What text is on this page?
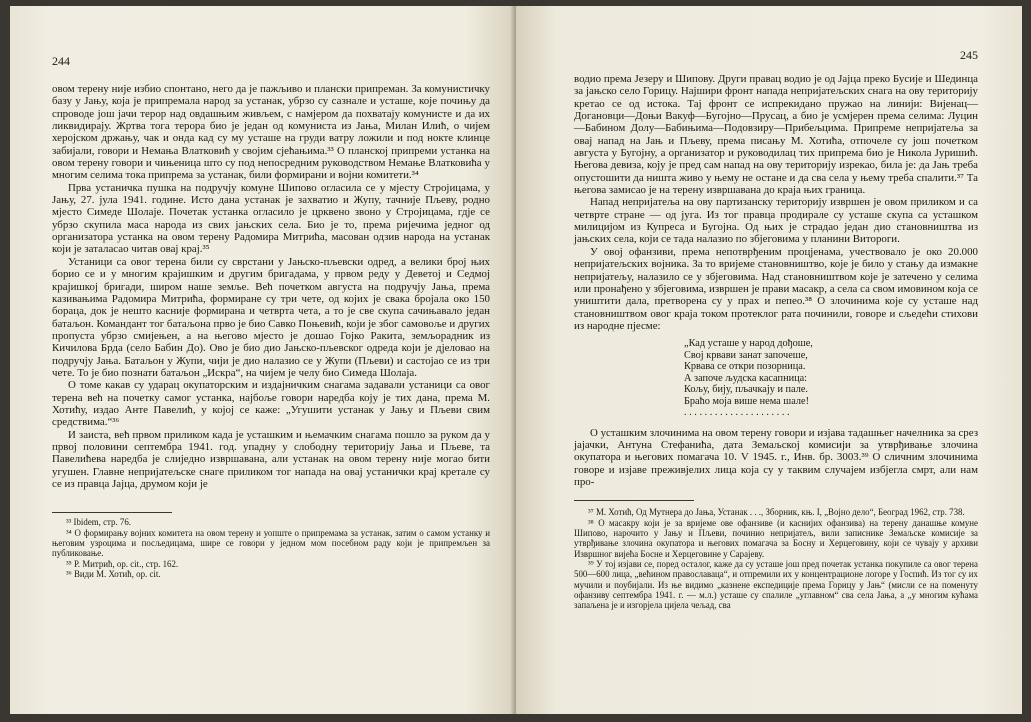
244

овом терену није избио спонтано, него да је пажљиво и плански припреман. За комунистичку базу у Јању, која је припремала народ за устанак, убрзо су сазнале и усташе, које почињу да спроводе још јачи терор над овдашњим живљем, с намјером да похватају комунисте и да их ликвидирају. Жртва тога терора био је један од комуниста из Јања, Милан Илић, о чијем херојском држању, чак и онда кад су му усташе на груди ватру ложили и под нокте клинце забијали, говори и Немања Влатковић у својим сјећањима.³³ О планској припреми устанка на овом терену говори и чињеница што су под непосредним руководством Немање Влатковића у многим селима тока припрема за устанак, били формирани и војни комитети.³⁴

Прва устаничка пушка на подручју комуне Шипово огласила се у мјесту Стројицама, у Јању, 27. јула 1941. године. Исто дана устанак је захватио и Жупу, тачније Пљеву, родно мјесто Симеде Шолаје. Почетак устанка огласило је црквено звоно у Стројицама, гдје се убрзо скупила маса народа из свих јањских села. Био је то, према ријечима једног од организатора устанка на овом терену Радомира Митрића, масован одзив народа на устанак који је заталасао читав овај крај.³⁵

Устаници са овог терена били су сврстани у Јањско-пљевски одред, а велики број њих борио се и у многим крајишким и другим бригадама, у првом реду у Деветој и Седмој крајишкој бригади, широм наше земље. Већ почетком августа на подручју Јања, према казивањима Радомира Митрића, формиране су три чете, од којих је свака бројала око 150 бораца, док је нешто касније формирана и четврта чета, а то је све скупа сачињавало један батаљон. Командант тог батаљона прво је био Савко Поњевић, који је због самовоље и других пропуста убрзо смијењен, а на његово мјесто је дошао Гојко Ракита, земљорадник из Кичилова Брда (село Бабин До). Ово је био дио Јањско-пљевског одреда који је дјеловао на подручју Јања. Батаљон у Жупи, чији је дио налазио се у Жупи (Пљеви) и састојао се из три чете. То је био познати батаљон „Искра“, на чијем је челу био Симеда Шолаја.

О томе какав су ударац окупаторским и издајничким снагама задавали устаници са овог терена већ на почетку самог устанка, најбоље говори наредба коју је тих дана, према М. Хотићу, издао Анте Павелић, у којој се каже: „Угушити устанак у Јању и Пљеви свим средствима.“³⁶

И заиста, већ првом приликом када је усташким и њемачким снагама пошло за руком да у првој половини септембра 1941. год. упадну у слободну територију Јања и Пљеве, та Павелићева наредба је слиједно извршавана, али устанак на овом терену није могао бити угушен. Главне непријатељске снаге приликом тог напада на овај устанички крај кретале су се из правца Јајца, друмом који је

³³ Ibidem, стр. 76.

³⁴ О формирању војних комитета на овом терену и уопште о припремама за устанак, затим о самом устанку и његовим узроцима и посљедицама, шире се говори у једном мом посебном раду који је припремљен за публиковање.

³⁵ Р. Митрић, op. cit., стр. 162.

³⁶ Види М. Хотић, op. cit.

245

водио према Језеру и Шипову. Други правац водио је од Јајца преко Бусије и Шединца за јањско село Горицу. Најшири фронт напада непријатељских снага на ову територију кретао се од истока. Тај фронт се испрекидано пружао на линији: Вијенац—Догановци—Доњи Вакуф—Бугојно—Прусац, а био је усмјерен према селима: Луцин—Бабином Долу—Бабињима—Подовзиру—Прибељцима. Припреме непријатеља за овај напад на Јањ и Пљеву, према писању М. Хотића, отпочеле су још почетком августа у Бугојну, а организатор и руководилац тих припрема био је Никола Јуришић. Његова девиза, коју је пред сам напад на ову територију изрекао, била је: да Јањ треба опустошити да ништа живо у њему не остане и да сва села у њему треба спалити.³⁷ Та његова замисао је на терену извршавана до краја њих граница.

Напад непријатеља на ову партизанску територију извршен је овом приликом и са четврте стране — од југа. Из тог правца продирале су усташе скупа са усташком милицијом из Купреса и Бугојна. Од њих је страдао један дио становништва из јањских села, који се тада налазио по збјеговима у планини Витороги.

У овој офанзиви, према непотврђеним процјенама, учествовало је око 20.000 непријатељских војника. За то вријеме становништво, које је било у стању да измакне непријатељу, налазило се у збјеговима. Над становништвом које је затечено у селима или пронађено у збјеговима, извршен је прави масакр, а села са свом имовином која се уништити дала, претворена су у прах и пепео.³⁸ О злочинима које су усташе над становништвом овог краја током протеклог рата починили, говоре и сљедећи стихови из народне пјесме:

„Кад усташе у народ дођоше,
Свој крвави занат започеше,
Крвава се откри позорница.
А започе људска касапница:
Кољу, бију, пљачкају и пале.
Браћо моја више нема шале!
. . . . . . . . . . . . . . . . . . . . .

О усташким злочинима на овом терену говори и изјава тадашњег начелника за срез јајачки, Антуна Стефанића, дата Земаљској комисији за утврђивање злочина окупатора и његових помагача 10. V 1945. г., Инв. бр. 3003.³⁹ О сличним злочинима говоре и изјаве преживјелих лица која су у таквим случајем избјегла смрт, али нам про-

³⁷ М. Хотић, Од Мутнера до Јања, Устанак . . ., Зборник, књ. I, „Војно дело“, Београд 1962, стр. 738.

³⁸ О масакру који је за вријеме ове офанзиве (и каснијих офанзива) на терену данашње комуне Шипово, нарочито у Јању и Пљеви, починио непријатељ, вили записнике Земаљске комисије за утврђивање злочина окупатора и његових помагача за Босну и Херцеговину, који се чувају у архиви Извршног вијећа Босне и Херцеговине у Сарајеву.

³⁹ У тој изјави се, поред осталог, каже да су усташе још пред почетак устанка покупиле са овог терена 500—600 лица, „већином православаца“, и отпремили их у концентрационе логоре у Госпић. Из тог су их мучили и поубијали. Из ње видимо „казнене експедиције према Горицу у Јањ“ (мисли се на поменуту офанзиву септембра 1941. г. — м.л.) усташе су спалиле „углавном“ сва села Јања, а „у многим кућама запаљена је и изгорјела цијела чељад, сва
